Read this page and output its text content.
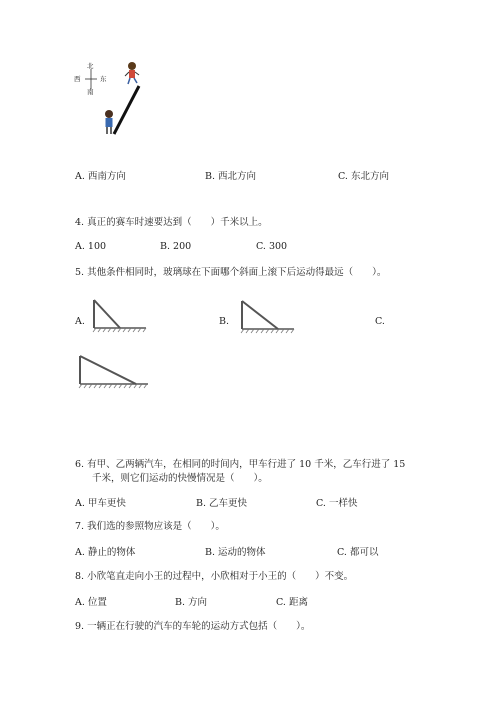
北
西	东
南
A. 西南方向	B. 西北方向	C. 东北方向
4. 真正的赛车时速要达到（　　）千米以上。
A. 100	B. 200	C. 300
5. 其他条件相同时，玻璃球在下面哪个斜面上滚下后运动得最远（　　）。
A.	B.	C.
6. 有甲、乙两辆汽车，在相同的时间内，甲车行进了 10 千米，乙车行进了 15
千米，则它们运动的快慢情况是（　　）。
A. 甲车更快	B. 乙车更快	C. 一样快
7. 我们选的参照物应该是（　　）。
A. 静止的物体	B. 运动的物体	C. 都可以
8. 小欣笔直走向小王的过程中，小欣相对于小王的（　　）不变。
A. 位置	B. 方向	C. 距离
9. 一辆正在行驶的汽车的车轮的运动方式包括（　　）。
